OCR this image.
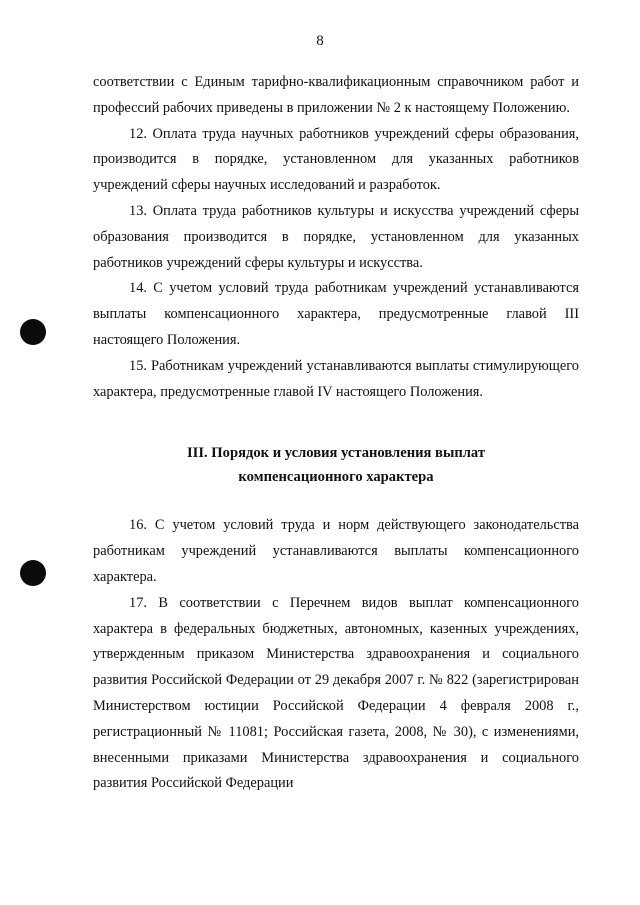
8

соответствии с Единым тарифно-квалификационным справочником работ и профессий рабочих приведены в приложении № 2 к настоящему Положению.

12. Оплата труда научных работников учреждений сферы образования, производится в порядке, установленном для указанных работников учреждений сферы научных исследований и разработок.

13. Оплата труда работников культуры и искусства учреждений сферы образования производится в порядке, установленном для указанных работников учреждений сферы культуры и искусства.

14. С учетом условий труда работникам учреждений устанавливаются выплаты компенсационного характера, предусмотренные главой III настоящего Положения.

15. Работникам учреждений устанавливаются выплаты стимулирующего характера, предусмотренные главой IV настоящего Положения.

III. Порядок и условия установления выплат
компенсационного характера

16. С учетом условий труда и норм действующего законодательства работникам учреждений устанавливаются выплаты компенсационного характера.

17. В соответствии с Перечнем видов выплат компенсационного характера в федеральных бюджетных, автономных, казенных учреждениях, утвержденным приказом Министерства здравоохранения и социального развития Российской Федерации от 29 декабря 2007 г. № 822 (зарегистрирован Министерством юстиции Российской Федерации 4 февраля 2008 г., регистрационный № 11081; Российская газета, 2008, № 30), с изменениями, внесенными приказами Министерства здравоохранения и социального развития Российской Федерации
